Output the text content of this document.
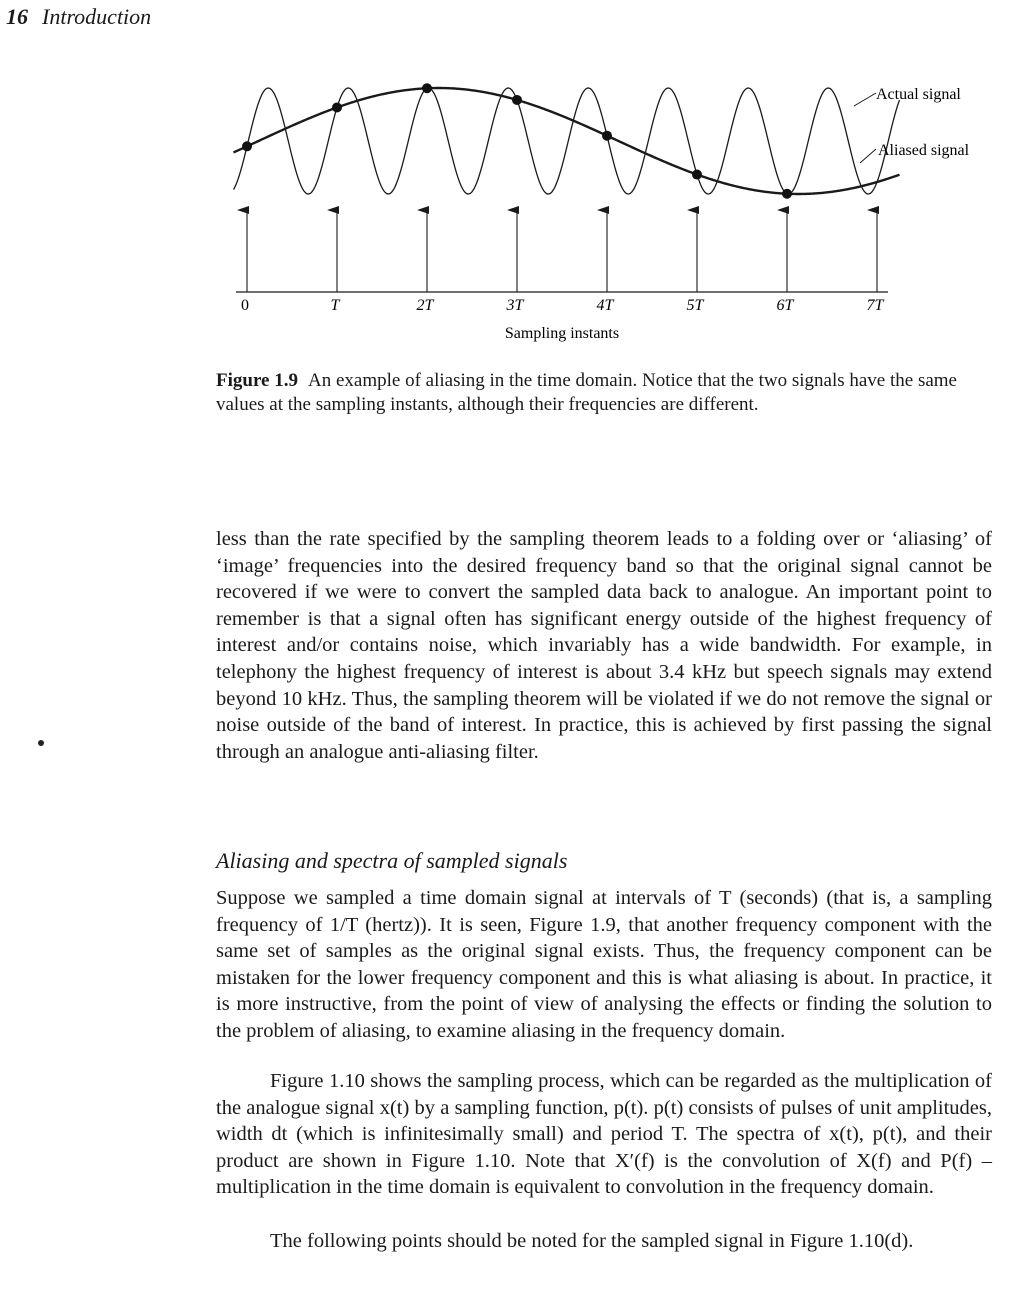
16 Introduction
0	T	2T	3T	4T	5T	6T	7T
Sampling instants
Actual signal
Aliased signal
Figure 1.9 An example of aliasing in the time domain. Notice that the two signals have the same values at the sampling instants, although their frequencies are different.

less than the rate specified by the sampling theorem leads to a folding over or ‘aliasing’ of ‘image’ frequencies into the desired frequency band so that the original signal cannot be recovered if we were to convert the sampled data back to analogue. An important point to remember is that a signal often has significant energy outside of the highest frequency of interest and/or contains noise, which invariably has a wide bandwidth. For example, in telephony the highest frequency of interest is about 3.4 kHz but speech signals may extend beyond 10 kHz. Thus, the sampling theorem will be violated if we do not remove the signal or noise outside of the band of interest. In practice, this is achieved by first passing the signal through an analogue anti-aliasing filter.

Aliasing and spectra of sampled signals

Suppose we sampled a time domain signal at intervals of T (seconds) (that is, a sampling frequency of 1/T (hertz)). It is seen, Figure 1.9, that another frequency component with the same set of samples as the original signal exists. Thus, the frequency component can be mistaken for the lower frequency component and this is what aliasing is about. In practice, it is more instructive, from the point of view of analysing the effects or finding the solution to the problem of aliasing, to examine aliasing in the frequency domain.

Figure 1.10 shows the sampling process, which can be regarded as the multiplication of the analogue signal x(t) by a sampling function, p(t). p(t) consists of pulses of unit amplitudes, width dt (which is infinitesimally small) and period T. The spectra of x(t), p(t), and their product are shown in Figure 1.10. Note that X′(f) is the convolution of X(f) and P(f) – multiplication in the time domain is equivalent to convolution in the frequency domain.

The following points should be noted for the sampled signal in Figure 1.10(d).
